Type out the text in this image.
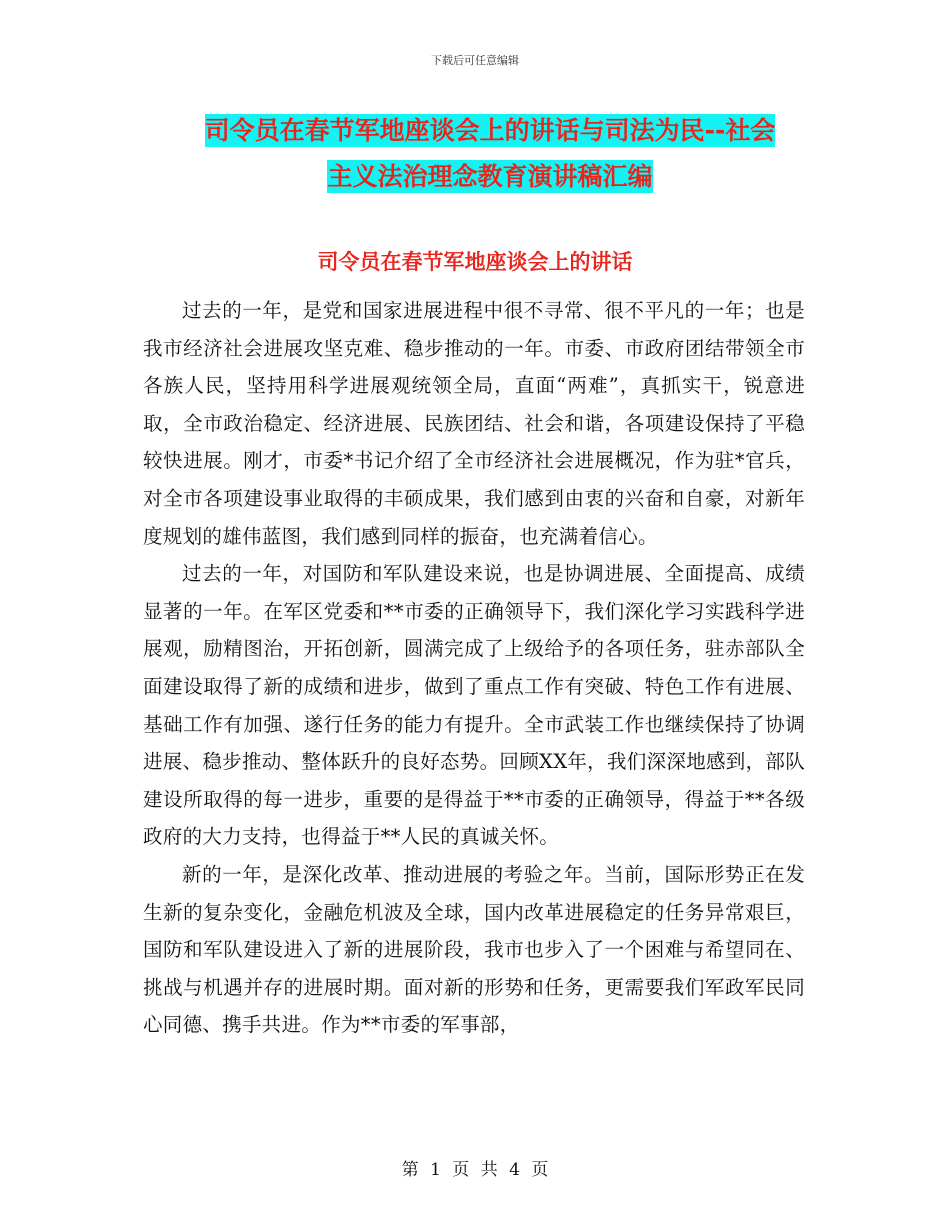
下载后可任意编辑
司令员在春节军地座谈会上的讲话与司法为民--社会
主义法治理念教育演讲稿汇编
司令员在春节军地座谈会上的讲话

过去的一年，是党和国家进展进程中很不寻常、很不平凡的一年；也是我市经济社会进展攻坚克难、稳步推动的一年。市委、市政府团结带领全市各族人民，坚持用科学进展观统领全局，直面“两难”，真抓实干，锐意进取，全市政治稳定、经济进展、民族团结、社会和谐，各项建设保持了平稳较快进展。刚才，市委*书记介绍了全市经济社会进展概况，作为驻*官兵，对全市各项建设事业取得的丰硕成果，我们感到由衷的兴奋和自豪，对新年度规划的雄伟蓝图，我们感到同样的振奋，也充满着信心。

过去的一年，对国防和军队建设来说，也是协调进展、全面提高、成绩显著的一年。在军区党委和**市委的正确领导下，我们深化学习实践科学进展观，励精图治，开拓创新，圆满完成了上级给予的各项任务，驻赤部队全面建设取得了新的成绩和进步，做到了重点工作有突破、特色工作有进展、基础工作有加强、遂行任务的能力有提升。全市武装工作也继续保持了协调进展、稳步推动、整体跃升的良好态势。回顾XX年，我们深深地感到，部队建设所取得的每一进步，重要的是得益于**市委的正确领导，得益于**各级政府的大力支持，也得益于**人民的真诚关怀。

新的一年，是深化改革、推动进展的考验之年。当前，国际形势正在发生新的复杂变化，金融危机波及全球，国内改革进展稳定的任务异常艰巨，国防和军队建设进入了新的进展阶段，我市也步入了一个困难与希望同在、挑战与机遇并存的进展时期。面对新的形势和任务，更需要我们军政军民同心同德、携手共进。作为**市委的军事部，

第 1 页 共 4 页
